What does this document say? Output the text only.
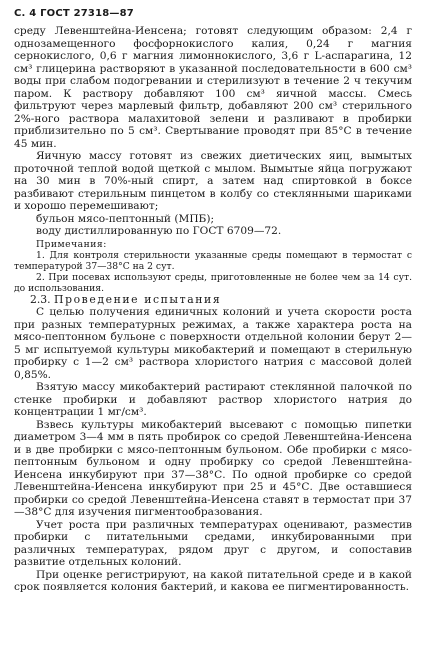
С. 4 ГОСТ 27318—87

среду Левенштейна-Иенсена; готовят следующим образом: 2,4 г однозамещенного фосфорнокислого калия, 0,24 г магния сернокислого, 0,6 г магния лимоннокислого, 3,6 г L-аспарагина, 12 см³ глицерина растворяют в указанной последовательности в 600 см³ воды при слабом подогревании и стерилизуют в течение 2 ч текучим паром. К раствору добавляют 100 см³ яичной массы. Смесь фильтруют через марлевый фильтр, добавляют 200 см³ стерильного 2%-ного раствора малахитовой зелени и разливают в пробирки приблизительно по 5 см³. Свертывание проводят при 85°С в течение 45 мин.

Яичную массу готовят из свежих диетических яиц, вымытых проточной теплой водой щеткой с мылом. Вымытые яйца погружают на 30 мин в 70%-ный спирт, а затем над спиртовкой в боксе разбивают стерильным пинцетом в колбу со стеклянными шариками и хорошо перемешивают;

бульон мясо-пептонный (МПБ);

воду дистиллированную по ГОСТ 6709—72.

Примечания:

1. Для контроля стерильности указанные среды помещают в термостат с температурой 37—38°С на 2 сут.

2. При посевах используют среды, приготовленные не более чем за 14 сут. до использования.

2.3. Проведение испытания

С целью получения единичных колоний и учета скорости роста при разных температурных режимах, а также характера роста на мясо-пептонном бульоне с поверхности отдельной колонии берут 2—5 мг испытуемой культуры микобактерий и помещают в стерильную пробирку с 1—2 см³ раствора хлористого натрия с массовой долей 0,85%.

Взятую массу микобактерий растирают стеклянной палочкой по стенке пробирки и добавляют раствор хлористого натрия до концентрации 1 мг/см³.

Взвесь культуры микобактерий высевают с помощью пипетки диаметром 3—4 мм в пять пробирок со средой Левенштейна-Иенсена и в две пробирки с мясо-пептонным бульоном. Обе пробирки с мясо-пептонным бульоном и одну пробирку со средой Левенштейна-Иенсена инкубируют при 37—38°С. По одной пробирке со средой Левенштейна-Иенсена инкубируют при 25 и 45°С. Две оставшиеся пробирки со средой Левенштейна-Иенсена ставят в термостат при 37—38°С для изучения пигментообразования.

Учет роста при различных температурах оценивают, разместив пробирки с питательными средами, инкубированными при различных температурах, рядом друг с другом, и сопоставив развитие отдельных колоний.

При оценке регистрируют, на какой питательной среде и в какой срок появляется колония бактерий, и какова ее пигментированность.
